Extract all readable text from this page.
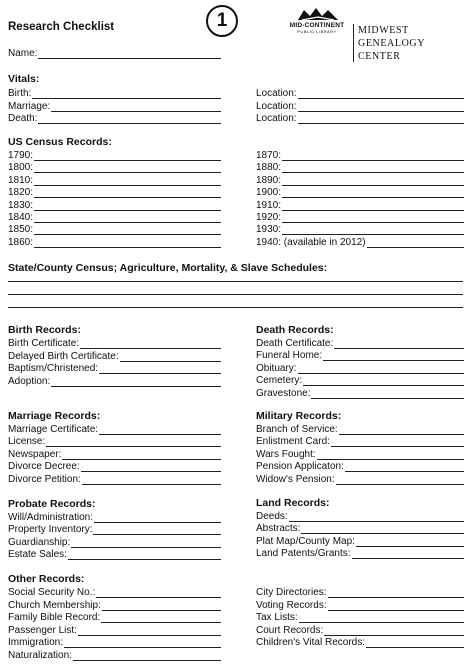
Research Checklist	1	MID-CONTINENT
PUBLIC LIBRARY	MIDWEST
GENEALOGY
CENTER
Name:
Vitals:
Birth:
Marriage:
Death:
Location:
Location:
Location:
US Census Records:
1790:
1800:
1810:
1820:
1830:
1840:
1850:
1860:
1870:
1880:
1890:
1900:
1910:
1920:
1930:
1940: (available in 2012)
State/County Census; Agriculture, Mortality, & Slave Schedules:
Birth Records:
Birth Certificate:
Delayed Birth Certificate:
Baptism/Christened:
Adoption:
Death Records:
Death Certificate:
Funeral Home:
Obituary:
Cemetery:
Gravestone:
Marriage Records:
Marriage Certificate:
License:
Newspaper:
Divorce Decree:
Divorce Petition:
Military Records:
Branch of Service:
Enlistment Card:
Wars Fought:
Pension Applicaton:
Widow's Pension:
Probate Records:
Will/Administration:
Property Inventory:
Guardianship:
Estate Sales:
Land Records:
Deeds:
Abstracts:
Plat Map/County Map:
Land Patents/Grants:
Other Records:
Social Security No.:
Church Membership:
Family Bible Record:
Passenger List:
Immigration:
Naturalization:
City Directories:
Voting Records:
Tax Lists:
Court Records:
Children's Vital Records:
